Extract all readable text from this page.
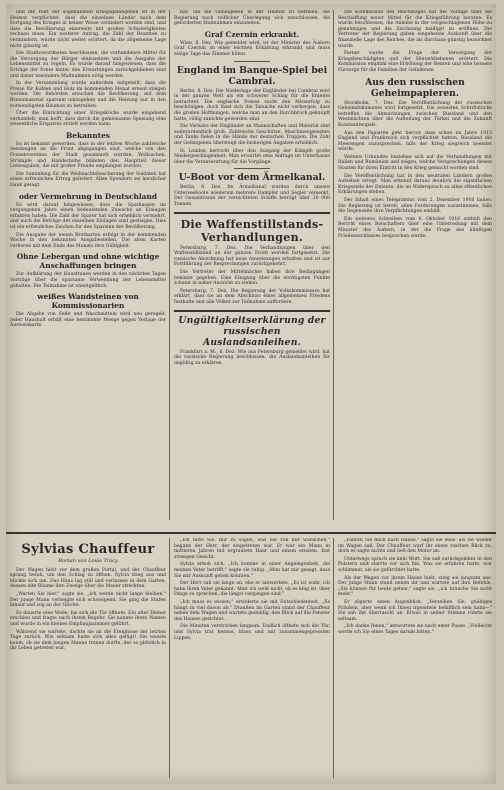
und die Haft der sogenannten Kriegsgefangenen ist in der Heimat verpflichtet, dass die einzelnen Länder nach dem Fortgang des Krieges in keiner Weise verändert worden sind, und dass die Bevölkerung einerseits mit großen Schwierigkeiten rechnen muss. Ein weiterer Antrag, die Zahl der Beamten zu vermindern, wurde nicht weiter erörtert, da die allgemeine Lage nicht günstig ist.

Die Stadtverordneten beschlossen, die vorhandenen Mittel für die Versorgung der Bürger einzusetzen und die Ausgabe der Lebensmittel zu regeln. Es wurde darauf hingewiesen, dass die Erträge der Ernte hinter den Erwartungen zurückgeblieben sind und daher besondere Maßnahmen nötig werden.

In der Versammlung wurde außerdem mitgeteilt, dass die Preise für Kohlen und Holz im kommenden Monat erneut steigen werden. Die Behörden ersuchen die Bevölkerung, mit dem Brennmaterial sparsam umzugehen und die Heizung nur in den notwendigsten Räumen zu betreiben.

Über die Einrichtung einer Kriegsküche wurde eingehend verhandelt; man hofft, dass durch die gemeinsame Speisung eine wesentliche Ersparnis erzielt werden kann.

Bekanntes

Es ist bekannt geworden, dass in der letzten Woche zahlreiche Sendungen an die Front abgegangen sind, welche von den Frauenvereinen der Stadt gesammelt wurden. Wollsachen, Strümpfe und Handschuhe bildeten den Hauptteil dieser Liebesgaben, die mit großer Freude empfangen wurden.

Die Sammlung für die Weihnachtsbescherung der Soldaten hat einen erfreulichen Ertrag geliefert. Allen Spendern sei herzlicher Dank gesagt.

oder Vermehrung in Deutschland

Es wird darauf hingewiesen, dass die Sparkassen im vergangenen Jahre einen bedeutenden Zuwachs an Einlagen erfahren haben. Die Zahl der Sparer hat sich erheblich vermehrt, und auch die Beträge der einzelnen Einlagen sind gestiegen. Dies ist ein erfreuliches Zeichen für den Sparsinn der Bevölkerung.

Die Ausgabe der neuen Brotkarten erfolgt in der kommenden Woche in den bekannten Ausgabestellen. Die alten Karten verlieren mit dem Ende des Monats ihre Gültigkeit.

Ohne Lebergan und ohne wichtige Anschaffungen bringen

Zur Aufklärung der Hausfrauen werden in den nächsten Tagen Vorträge über die sparsame Verwendung der Lebensmittel gehalten. Die Teilnahme ist unentgeltlich.

weißes Wandsteinen von Kommissionarien

Die Abgabe von Seife und Waschmitteln wird neu geregelt. Jeder Haushalt erhält eine bestimmte Menge gegen Vorlage der Ausweiskarte.

hat, um die Gefangenen in der Heimat zu befreien, die Regierung nach reiflicher Überlegung sich entschlossen, die geforderten Maßnahmen einzuleiten.

Graf Czernin erkrankt.

Wien, 8. Dez. Wie gemeldet wird, ist der Minister des Äußern Graf Czernin an einer leichten Erkältung erkrankt und muss einige Tage das Zimmer hüten.

England im Banque-Spiel bei Cambrai.

Berlin, 8. Dez. Die Niederlage der Engländer bei Cambrai wird in der ganzen Welt als ein schwerer Schlag für die Entente betrachtet. Die englische Presse sucht den Misserfolg zu beschönigen, doch lässt sich die Tatsache nicht verbergen, dass die großen Hoffnungen, welche man an den Durchbruch geknüpft hatte, völlig zunichte geworden sind.

Die Verluste der Engländer an Mannschaften und Material sind außerordentlich groß. Zahlreiche Geschütze, Maschinengewehre und Tanks fielen in die Hände der deutschen Truppen. Die Zahl der Gefangenen übersteigt die bisherigen Angaben erheblich.

In London herrscht über den Ausgang der Kämpfe große Niedergeschlagenheit. Man erwartet eine Anfrage im Unterhause über die Verantwortung für die Vorgänge.

U-Boot vor dem Ärmelkanal.

Berlin, 8. Dez. Im Ärmelkanal wurden durch unsere Unterseeboote wiederum mehrere Dampfer und Segler versenkt. Der Gesamtraum der vernichteten Schiffe beträgt über 20 000 Tonnen.

Die Waffenstillstands-Verhandlungen.

Petersburg, 7. Dez. Die Verhandlungen über den Waffenstillstand an der ganzen Front werden fortgesetzt. Die russische Abordnung hat neue Anweisungen erhalten und ist zur Fortführung der Besprechungen zurückgekehrt.

Die Vertreter der Mittelmächte haben ihre Bedingungen bekannt gegeben. Eine Einigung über die wichtigsten Punkte scheint in naher Aussicht zu stehen.

Petersburg, 7. Dez. Die Regierung der Volkskommissare hat erklärt, dass sie an dem Abschluss eines allgemeinen Friedens festhalte und alle Völker zur Teilnahme auffordere.

Ungültigkeitserklärung der russischen Auslandsanleihen.

Frankfurt a. M., 8. Dez. Wie aus Petersburg gemeldet wird, hat die russische Regierung beschlossen, die Auslandsanleihen für ungültig zu erklären.

Die Kommission des Reichstages hat die Vorlage über die Beschaffung neuer Mittel für die Kriegsführung beraten. Es wurde beschlossen, die Anleihe in der vorgeschlagenen Höhe zu genehmigen und die Zeichnung baldigst zu eröffnen. Die Vertreter der Regierung gaben eingehende Auskunft über die finanzielle Lage des Reiches, die als durchaus günstig bezeichnet wurde.

Ferner wurde die Frage der Versorgung der Kriegsbeschädigten und der Hinterbliebenen erörtert. Die Kommission empfahl eine Erhöhung der Renten und eine bessere Fürsorge für die Familien der Gefallenen.

Aus den russischen Geheimpapieren.

Stockholm, 7. Dez. Die Veröffentlichung der russischen Geheimdokumente wird fortgesetzt. Die neuesten Schriftstücke betreffen die Abmachungen zwischen Russland und den Westmächten über die Aufteilung der Türkei und die Zukunft Konstantinopels.

Aus den Papieren geht hervor, dass schon im Jahre 1915 England und Frankreich sich verpflichtet hatten, Russland die Meerengen zuzusprechen, falls der Krieg siegreich beendet würde.

Weitere Urkunden beziehen sich auf die Verhandlungen mit Italien und Rumänien und zeigen, welche Versprechungen diesen Staaten für ihren Eintritt in den Krieg gemacht worden sind.

Die Veröffentlichung hat in den neutralen Ländern großes Aufsehen erregt. Man erkennt daraus deutlich die eigentlichen Kriegsziele der Entente, die im Widerspruch zu allen öffentlichen Erklärungen stehen.

Der Inhalt eines Telegramms vom 2. Dezember 1916 lautet: Die Regierung ist bereit, allen Forderungen zuzustimmen, falls die Gegenseite ihre Verpflichtungen einhält.

Ein weiteres Schreiben vom 6. Oktober 1916 enthält den Bericht eines Botschafters über eine Unterredung mit dem Minister des Äußern, in der die Frage des künftigen Friedensschlusses besprochen wurde.

Sylvias Chauffeur
Roman von Louis Tracy

Der Wagen hielt vor dem großen Portal, und der Chauffeur sprang herab, um den Schlag zu öffnen. Sylvia stieg aus und blickte sich um. Das Haus lag still und verlassen in dem Garten, dessen alte Bäume ihre Zweige über die Mauer streckten.

„Warten Sie hier," sagte sie, „ich werde nicht lange bleiben." Der junge Mann verneigte sich schweigend. Sie ging die Stufen hinauf und zog an der Glocke.

Es dauerte eine Weile, bis sich die Tür öffnete. Ein alter Diener erschien und fragte nach ihrem Begehr. Sie nannte ihren Namen und wurde in ein kleines Empfangszimmer geführt.

Während sie wartete, dachte sie an die Ereignisse der letzten Tage zurück. Wie seltsam hatte sich alles gefügt! Sie wusste kaum, ob sie dem jungen Manne trauen durfte, der so plötzlich in ihr Leben getreten war.

„Ich bitte Sie, mir zu sagen, was Sie von mir wünschen," begann der Herr, der eingetreten war. Er war ein Mann in mittleren Jahren mit ergrautem Haar und einem ernsten, fast strengen Gesicht.

Sylvia erhob sich. „Ich komme in einer Angelegenheit, die meinen Vater betrifft," sagte sie ruhig. „Man hat mir gesagt, dass Sie mir Auskunft geben könnten."

Der Herr sah sie lange an, ehe er antwortete. „Es ist wahr, ich habe Ihren Vater gekannt. Aber ich weiß nicht, ob es klug ist, über Dinge zu sprechen, die längst vergangen sind."

„Ich muss es wissen," erwiderte sie mit Entschiedenheit. „Es hängt zu viel davon ab." Draußen im Garten stand der Chauffeur neben dem Wagen und wartete geduldig, den Blick auf die Fenster des Hauses gerichtet.

Die Minuten verstrichen langsam. Endlich öffnete sich die Tür, und Sylvia trat heraus, blass und mit zusammengepressten Lippen.

„Fahren Sie mich nach Hause," sagte sie leise, als sie wieder im Wagen saß. Der Chauffeur warf ihr einen raschen Blick zu, doch er sagte nichts und ließ den Motor an.

Unterwegs sprach sie kein Wort. Sie saß zurückgelehnt in den Polstern und starrte vor sich hin. Was sie erfahren hatte, war schlimmer, als sie gefürchtet hatte.

Als der Wagen vor ihrem Hause hielt, stieg sie langsam aus. Der junge Mann stand neben ihr und wartete auf ihre Befehle. „Sie können für heute gehen," sagte sie, „ich brauche Sie nicht mehr."

Er zögerte einen Augenblick. „Verzeihen Sie, gnädiges Fräulein, aber wenn ich Ihnen irgendwie behilflich sein kann—" Sie sah ihn überrascht an. Etwas in seiner Stimme rührte sie seltsam.

„Ich danke Ihnen," antwortete sie nach einer Pause. „Vielleicht werde ich Sie eines Tages darum bitten."
